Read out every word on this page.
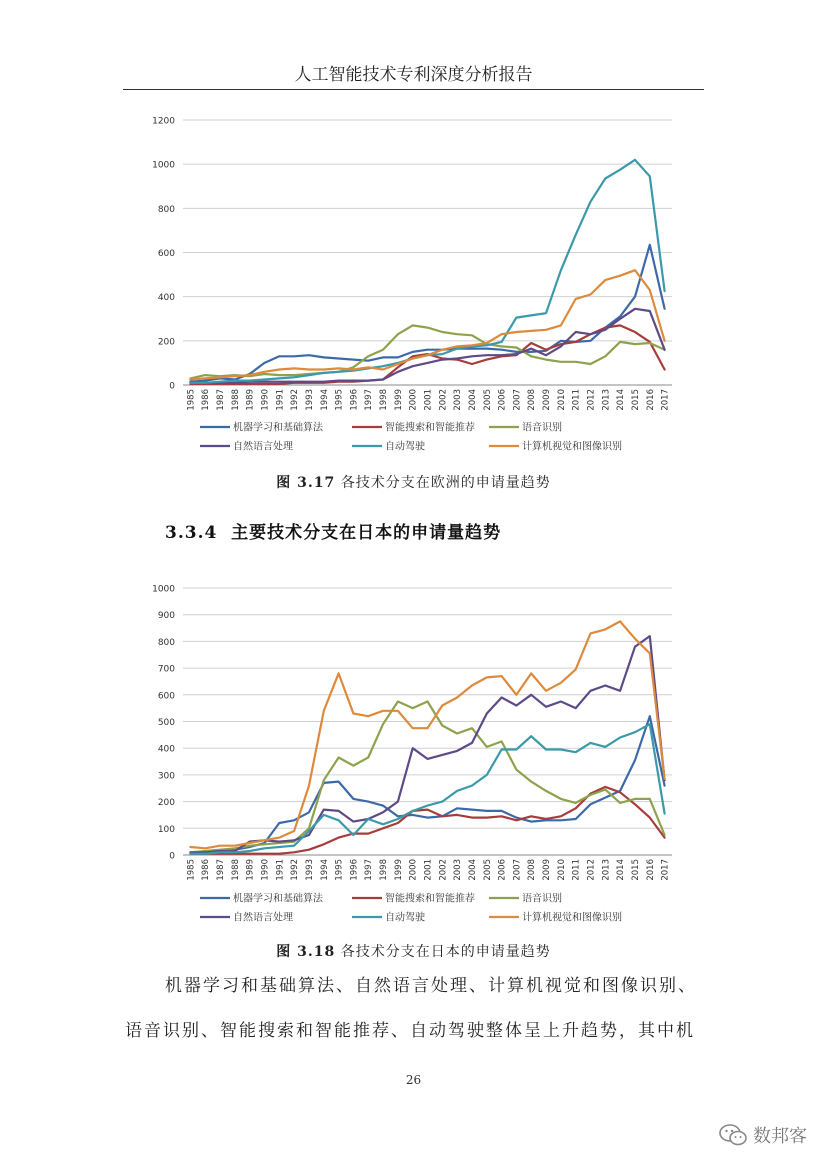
人工智能技术专利深度分析报告
0
200
400
600
800
1000
1200
1985 1986 1987 1988 1989 1990 1991 1992 1993 1994 1995 1996 1997 1998 1999 2000 2001 2002 2003 2004 2005 2006 2007 2008 2009 2010 2011 2012 2013 2014 2015 2016 2017
机器学习和基础算法	智能搜索和智能推荐	语音识别
自然语言处理	自动驾驶	计算机视觉和图像识别
图 3.17 各技术分支在欧洲的申请量趋势
3.3.4 主要技术分支在日本的申请量趋势
0
100
200
300
400
500
600
700
800
900
1000
1985 1986 1987 1988 1989 1990 1991 1992 1993 1994 1995 1996 1997 1998 1999 2000 2001 2002 2003 2004 2005 2006 2007 2008 2009 2010 2011 2012 2013 2014 2015 2016 2017
机器学习和基础算法	智能搜索和智能推荐	语音识别
自然语言处理	自动驾驶	计算机视觉和图像识别
图 3.18 各技术分支在日本的申请量趋势
机器学习和基础算法、自然语言处理、计算机视觉和图像识别、
语音识别、智能搜索和智能推荐、自动驾驶整体呈上升趋势，其中机
26
数邦客
